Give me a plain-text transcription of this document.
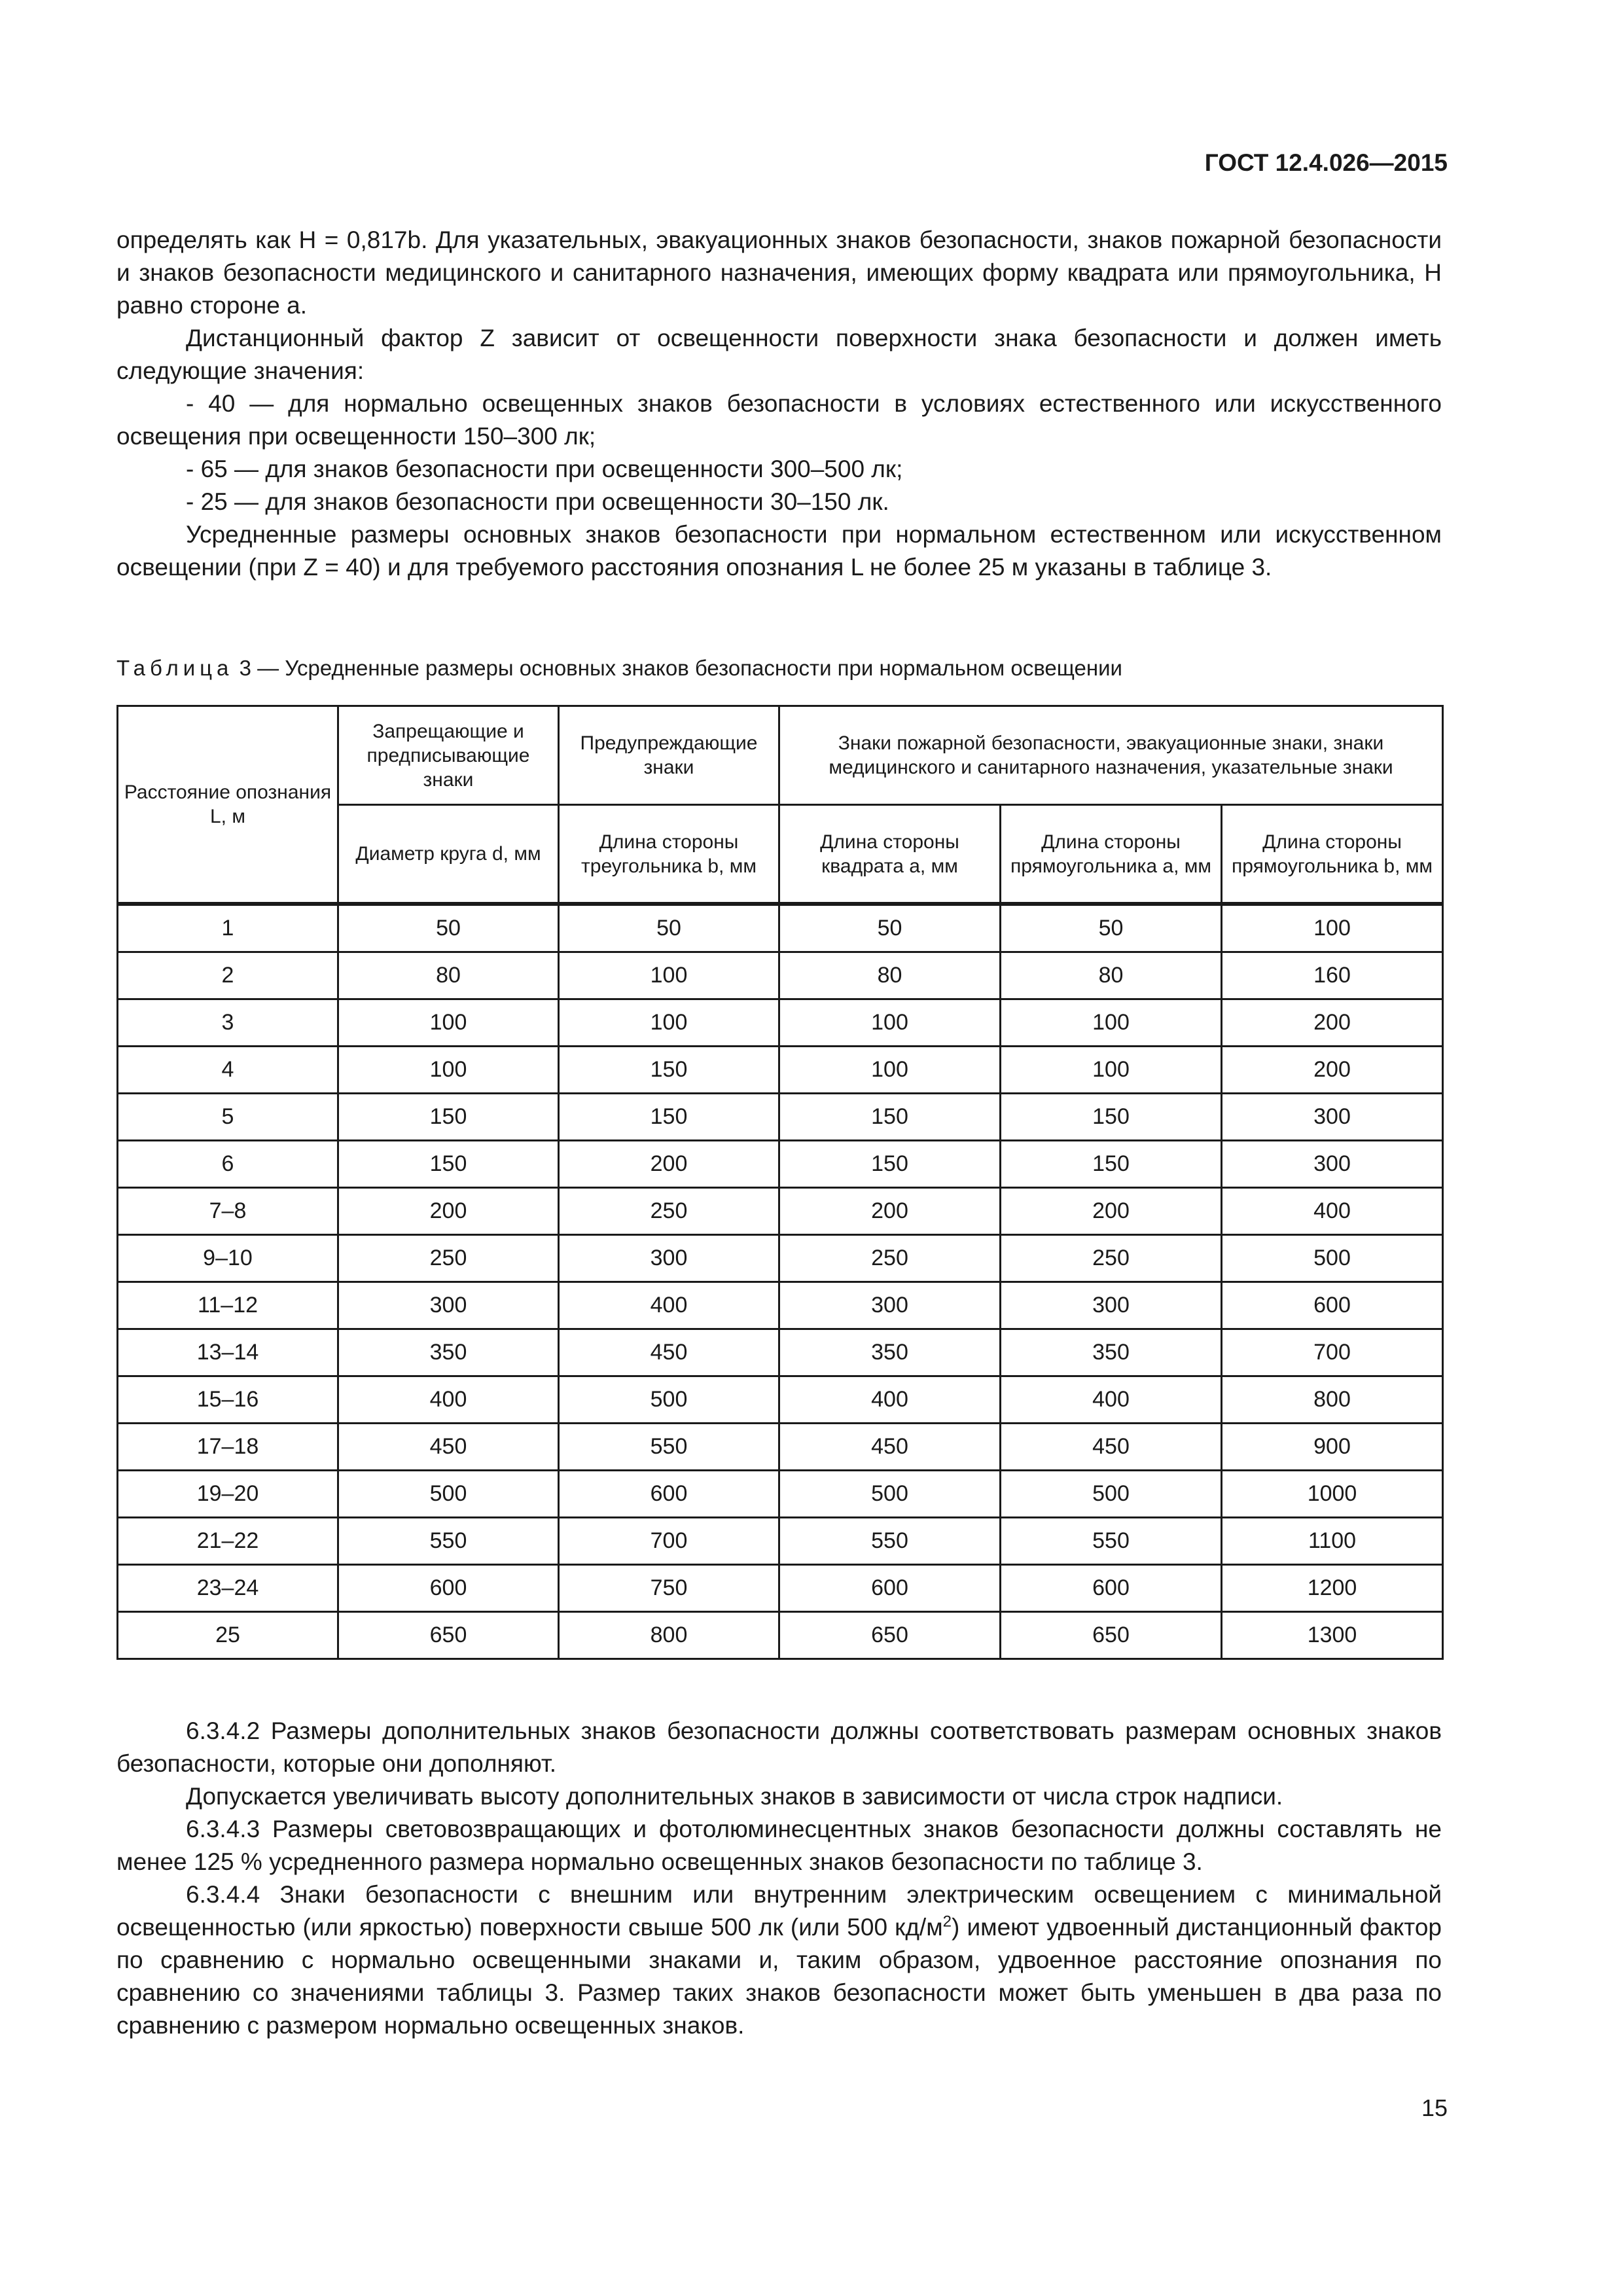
ГОСТ 12.4.026—2015

определять как H = 0,817b. Для указательных, эвакуационных знаков безопасности, знаков пожарной безопасности и знаков безопасности медицинского и санитарного назначения, имеющих форму квадрата или прямоугольника, H равно стороне a.

Дистанционный фактор Z зависит от освещенности поверхности знака безопасности и должен иметь следующие значения:

- 40 — для нормально освещенных знаков безопасности в условиях естественного или искусственного освещения при освещенности 150–300 лк;

- 65 — для знаков безопасности при освещенности 300–500 лк;

- 25 — для знаков безопасности при освещенности 30–150 лк.

Усредненные размеры основных знаков безопасности при нормальном естественном или искусственном освещении (при Z = 40) и для требуемого расстояния опознания L не более 25 м указаны в таблице 3.

Таблица 3 — Усредненные размеры основных знаков безопасности при нормальном освещении
Расстояние опознания L, м	Запрещающие и предписывающие знаки	Предупреждающие знаки	Знаки пожарной безопасности, эвакуационные знаки, знаки медицинского и санитарного назначения, указательные знаки		
	Диаметр круга d, мм	Длина стороны треугольника b, мм	Длина стороны квадрата a, мм	Длина стороны прямоугольника a, мм	Длина стороны прямоугольника b, мм
1	50	50	50	50	100
2	80	100	80	80	160
3	100	100	100	100	200
4	100	150	100	100	200
5	150	150	150	150	300
6	150	200	150	150	300
7–8	200	250	200	200	400
9–10	250	300	250	250	500
11–12	300	400	300	300	600
13–14	350	450	350	350	700
15–16	400	500	400	400	800
17–18	450	550	450	450	900
19–20	500	600	500	500	1000
21–22	550	700	550	550	1100
23–24	600	750	600	600	1200
25	650	800	650	650	1300

6.3.4.2 Размеры дополнительных знаков безопасности должны соответствовать размерам основных знаков безопасности, которые они дополняют.

Допускается увеличивать высоту дополнительных знаков в зависимости от числа строк надписи.

6.3.4.3 Размеры световозвращающих и фотолюминесцентных знаков безопасности должны составлять не менее 125 % усредненного размера нормально освещенных знаков безопасности по таблице 3.

6.3.4.4 Знаки безопасности с внешним или внутренним электрическим освещением с минимальной освещенностью (или яркостью) поверхности свыше 500 лк (или 500 $кд/м^2$) имеют удвоенный дистанционный фактор по сравнению с нормально освещенными знаками и, таким образом, удвоенное расстояние опознания по сравнению со значениями таблицы 3. Размер таких знаков безопасности может быть уменьшен в два раза по сравнению с размером нормально освещенных знаков.

15
